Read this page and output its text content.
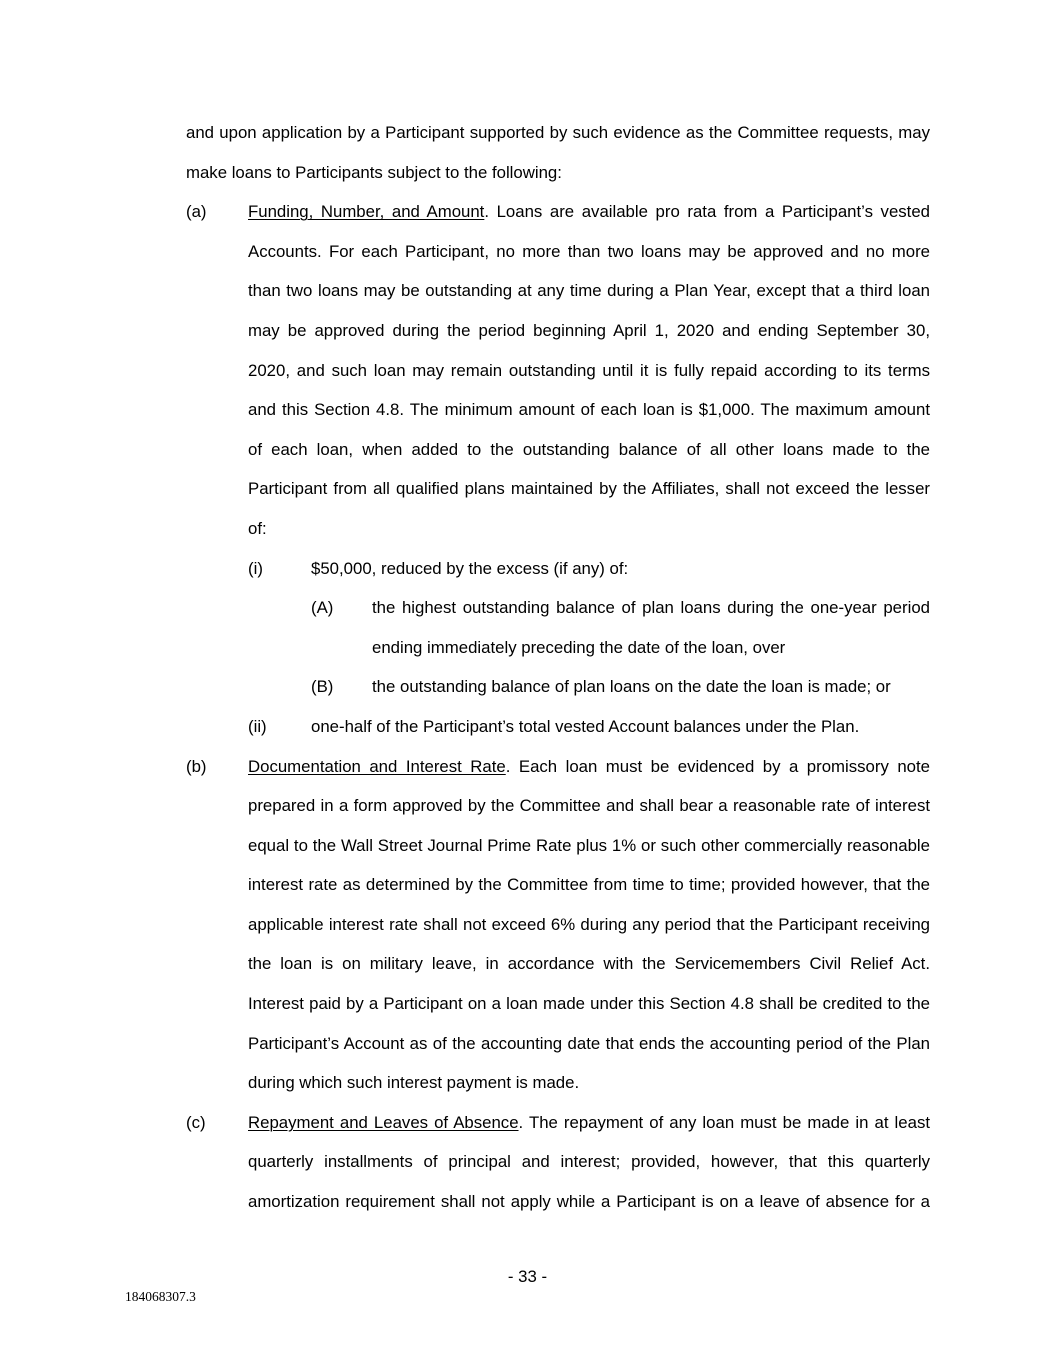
and upon application by a Participant supported by such evidence as the Committee requests, may
make loans to Participants subject to the following:
(a) Funding, Number, and Amount. Loans are available pro rata from a Participant’s vested
Accounts. For each Participant, no more than two loans may be approved and no more
than two loans may be outstanding at any time during a Plan Year, except that a third loan
may be approved during the period beginning April 1, 2020 and ending September 30,
2020, and such loan may remain outstanding until it is fully repaid according to its terms
and this Section 4.8. The minimum amount of each loan is $1,000. The maximum amount
of each loan, when added to the outstanding balance of all other loans made to the
Participant from all qualified plans maintained by the Affiliates, shall not exceed the lesser
of:
(i)	$50,000, reduced by the excess (if any) of:
(A) the highest outstanding balance of plan loans during the one-year period
ending immediately preceding the date of the loan, over
(B) the outstanding balance of plan loans on the date the loan is made; or
(ii)	one-half of the Participant’s total vested Account balances under the Plan.
(b) Documentation and Interest Rate. Each loan must be evidenced by a promissory note
prepared in a form approved by the Committee and shall bear a reasonable rate of interest
equal to the Wall Street Journal Prime Rate plus 1% or such other commercially reasonable
interest rate as determined by the Committee from time to time; provided however, that the
applicable interest rate shall not exceed 6% during any period that the Participant receiving
the loan is on military leave, in accordance with the Servicemembers Civil Relief Act.
Interest paid by a Participant on a loan made under this Section 4.8 shall be credited to the
Participant’s Account as of the accounting date that ends the accounting period of the Plan
during which such interest payment is made.
(c)	Repayment and Leaves of Absence. The repayment of any loan must be made in at least
quarterly installments of principal and interest; provided, however, that this quarterly
amortization requirement shall not apply while a Participant is on a leave of absence for a
- 33 -
184068307.3
